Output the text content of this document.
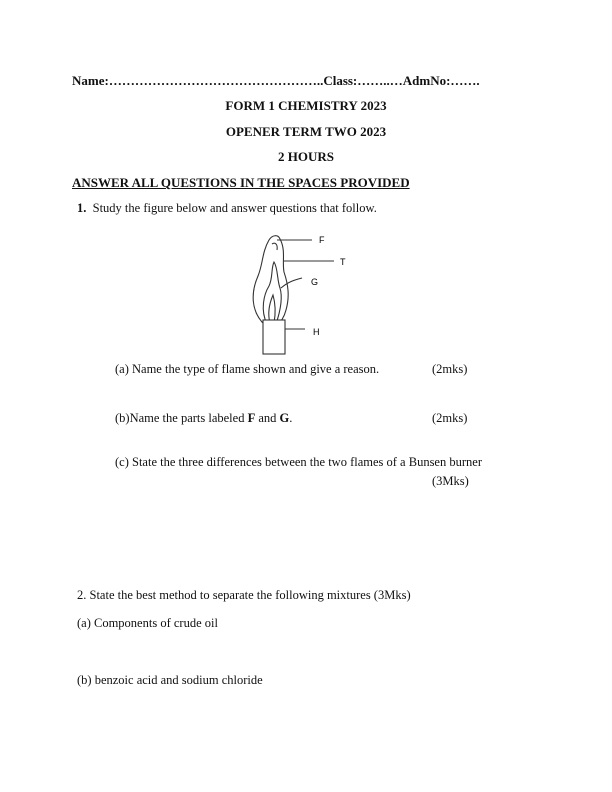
Name:…………………………………………..Class:……..…AdmNo:…….
FORM 1 CHEMISTRY 2023
OPENER TERM TWO 2023
2 HOURS
ANSWER ALL QUESTIONS IN THE SPACES PROVIDED
1. Study the figure below and answer questions that follow.
F
T
G
H
(a) Name the type of flame shown and give a reason.	(2mks)
(b)Name the parts labeled F and G.	(2mks)
(c) State the three differences between the two flames of a Bunsen burner
(3Mks)
2. State the best method to separate the following mixtures (3Mks)
(a) Components of crude oil
(b) benzoic acid and sodium chloride
